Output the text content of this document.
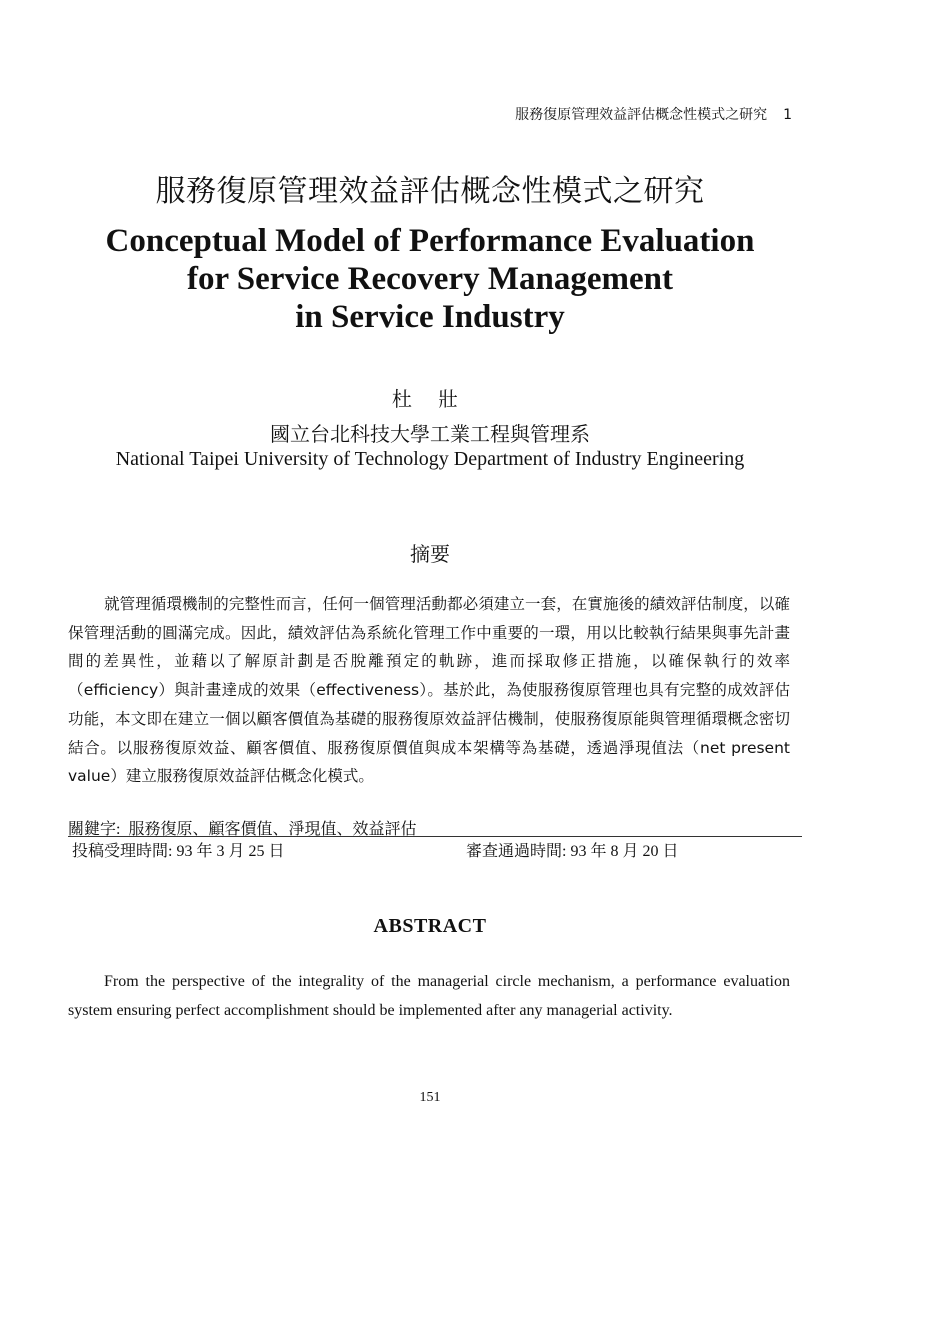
服務復原管理效益評估概念性模式之研究 1
服務復原管理效益評估概念性模式之研究
Conceptual Model of Performance Evaluation
for Service Recovery Management
in Service Industry
杜 壯
國立台北科技大學工業工程與管理系
National Taipei University of Technology Department of Industry Engineering
摘要
就管理循環機制的完整性而言，任何一個管理活動都必須建立一套，在實施後的績效評估制度，以確保管理活動的圓滿完成。因此，績效評估為系統化管理工作中重要的一環，用以比較執行結果與事先計畫間的差異性，並藉以了解原計劃是否脫離預定的軌跡，進而採取修正措施，以確保執行的效率（efficiency）與計畫達成的效果（effectiveness）。基於此，為使服務復原管理也具有完整的成效評估功能，本文即在建立一個以顧客價值為基礎的服務復原效益評估機制，使服務復原能與管理循環概念密切結合。以服務復原效益、顧客價值、服務復原價值與成本架構等為基礎，透過淨現值法（net present value）建立服務復原效益評估概念化模式。
關鍵字: 服務復原、顧客價值、淨現值、效益評估
投稿受理時間: 93 年 3 月 25 日	審查通過時間: 93 年 8 月 20 日
ABSTRACT
From the perspective of the integrality of the managerial circle mechanism, a performance evaluation system ensuring perfect accomplishment should be implemented after any managerial activity.
151
